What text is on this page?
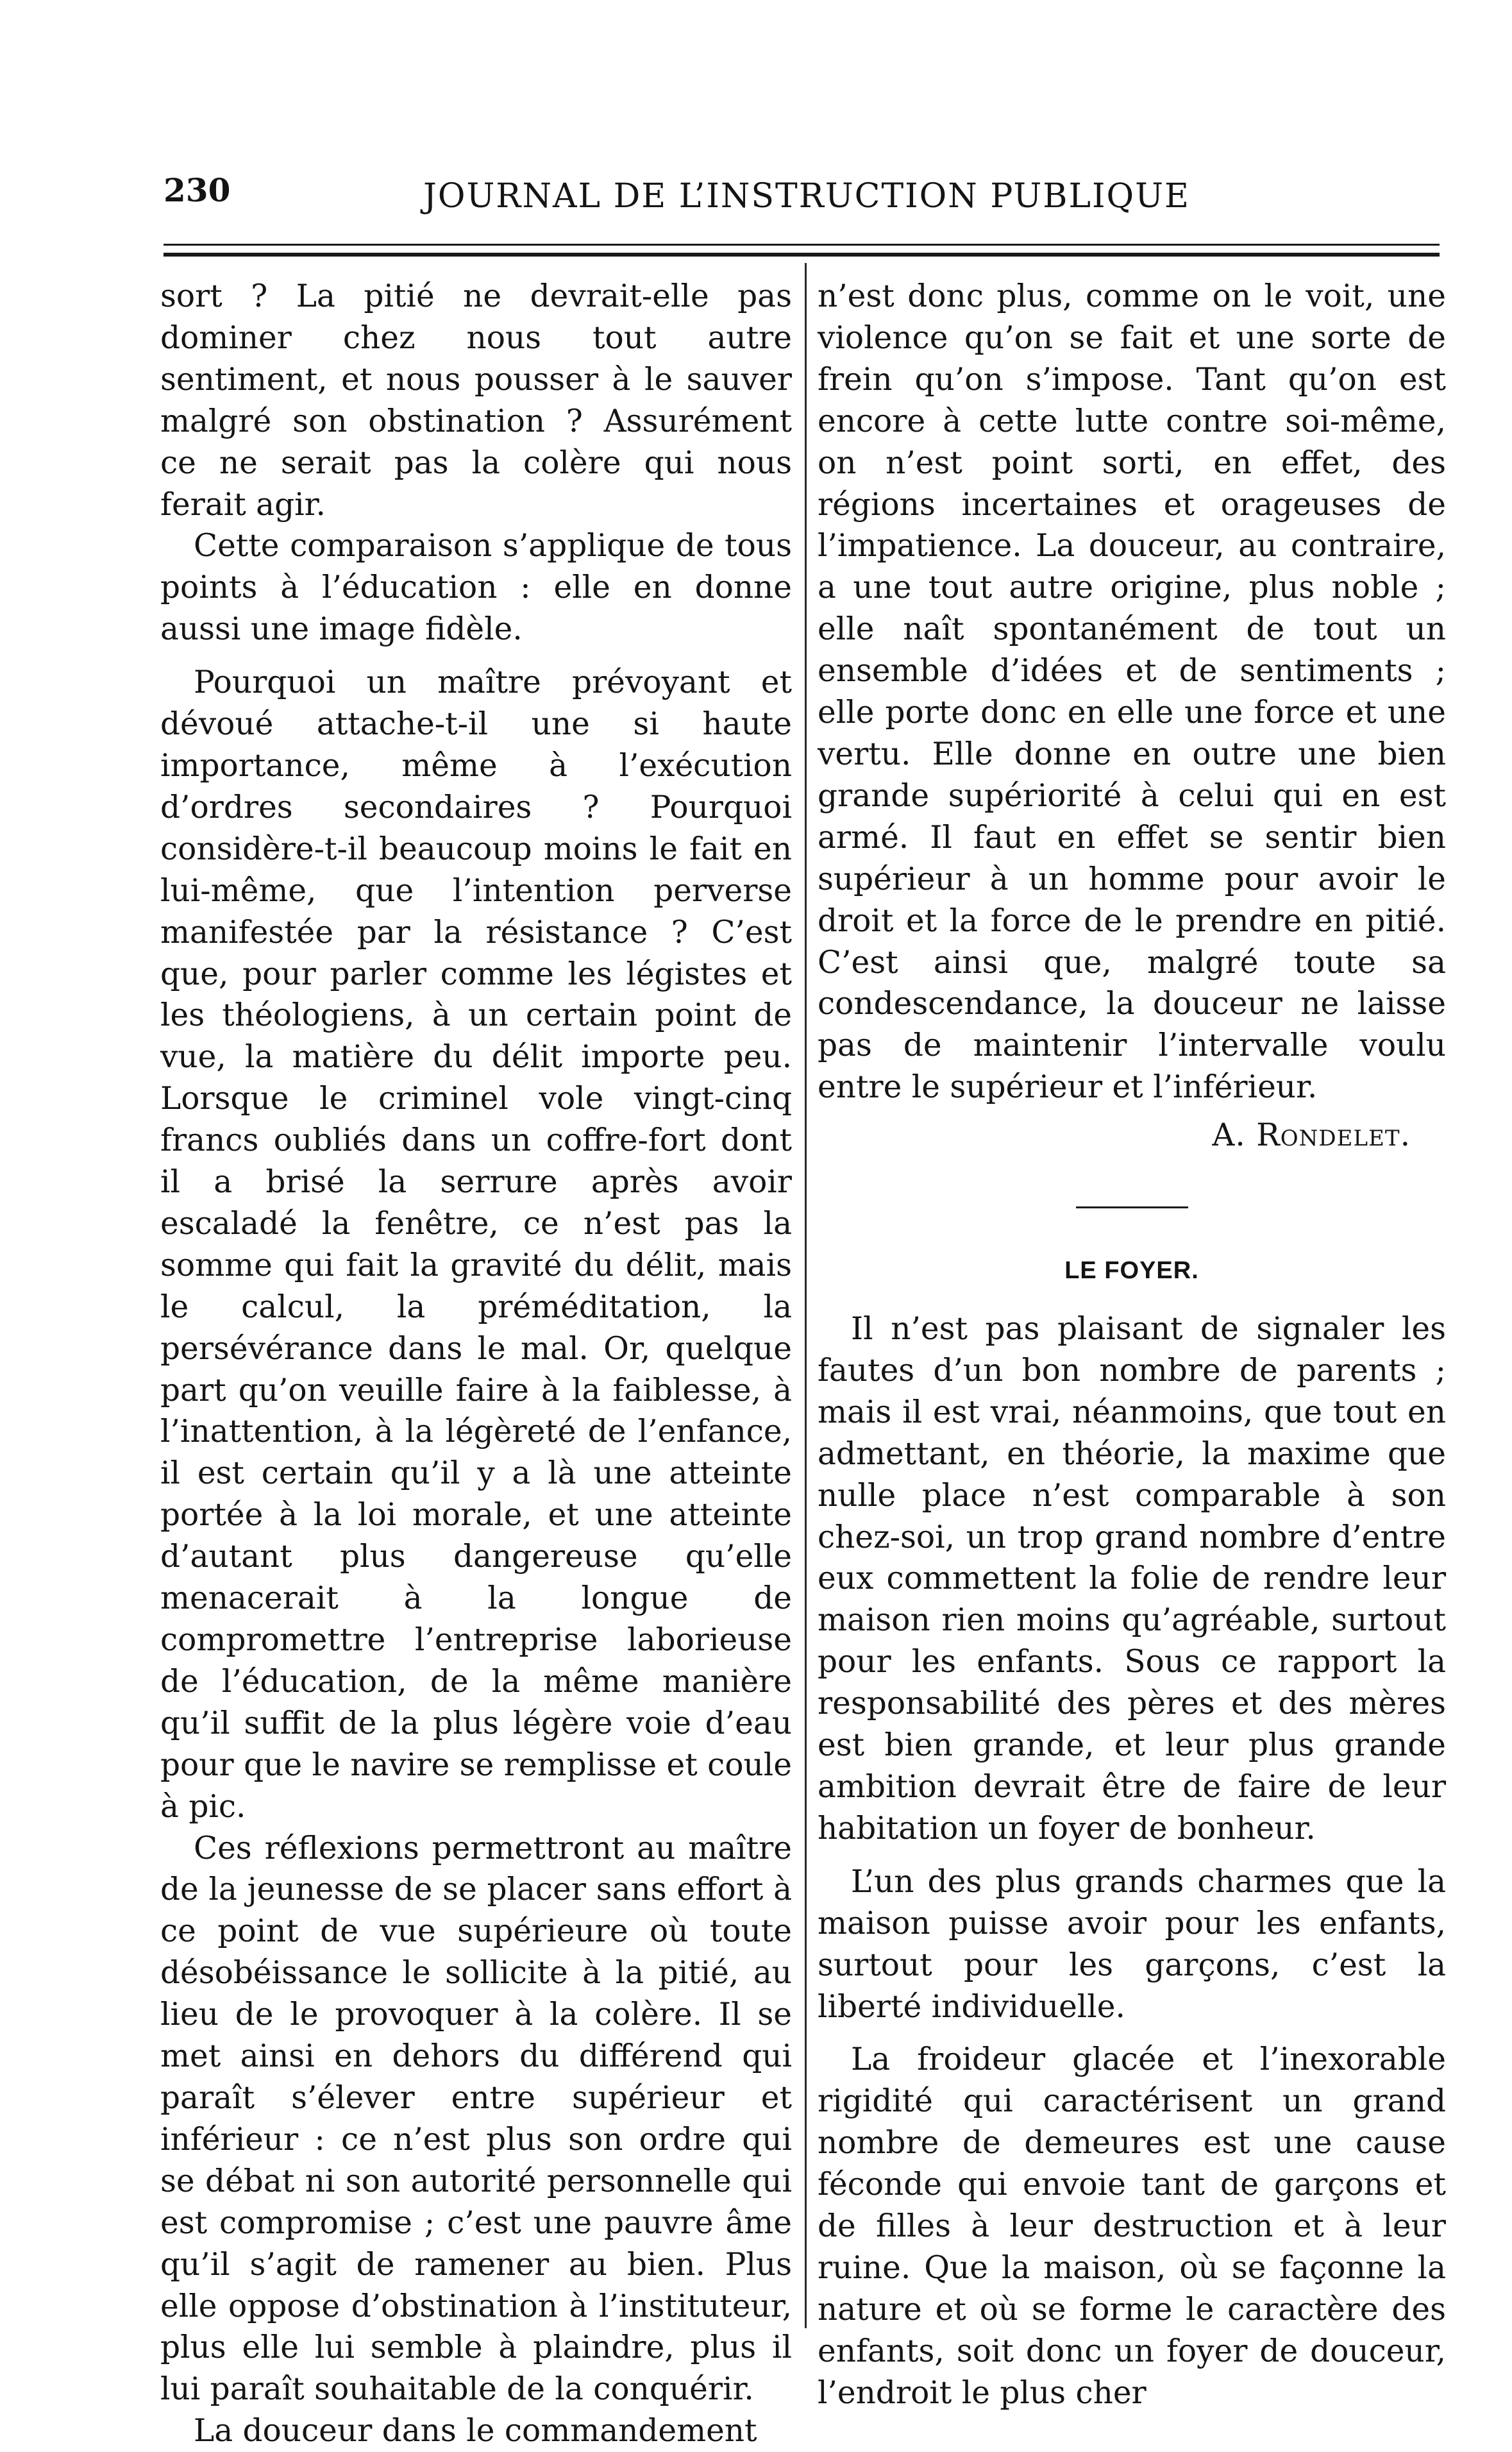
230	JOURNAL DE L’INSTRUCTION PUBLIQUE

sort ? La pitié ne devrait-elle pas dominer chez nous tout autre sentiment, et nous pousser à le sauver malgré son obstination ? Assurément ce ne serait pas la colère qui nous ferait agir.

Cette comparaison s’applique de tous points à l’éducation : elle en donne aussi une image fidèle.

Pourquoi un maître prévoyant et dévoué attache-t-il une si haute importance, même à l’exécution d’ordres secondaires ? Pourquoi considère-t-il beaucoup moins le fait en lui-même, que l’intention perverse manifestée par la résistance ? C’est que, pour parler comme les légistes et les théologiens, à un certain point de vue, la matière du délit importe peu. Lorsque le criminel vole vingt-cinq francs oubliés dans un coffre-fort dont il a brisé la serrure après avoir escaladé la fenêtre, ce n’est pas la somme qui fait la gravité du délit, mais le calcul, la préméditation, la persévérance dans le mal. Or, quelque part qu’on veuille faire à la faiblesse, à l’inattention, à la légèreté de l’enfance, il est certain qu’il y a là une atteinte portée à la loi morale, et une atteinte d’autant plus dangereuse qu’elle menacerait à la longue de compromettre l’entreprise laborieuse de l’éducation, de la même manière qu’il suffit de la plus légère voie d’eau pour que le navire se remplisse et coule à pic.

Ces réflexions permettront au maître de la jeunesse de se placer sans effort à ce point de vue supérieure où toute désobéissance le sollicite à la pitié, au lieu de le provoquer à la colère. Il se met ainsi en dehors du différend qui paraît s’élever entre supérieur et inférieur : ce n’est plus son ordre qui se débat ni son autorité personnelle qui est compromise ; c’est une pauvre âme qu’il s’agit de ramener au bien. Plus elle oppose d’obstination à l’instituteur, plus elle lui semble à plaindre, plus il lui paraît souhaitable de la conquérir.

La douceur dans le commandement

n’est donc plus, comme on le voit, une violence qu’on se fait et une sorte de frein qu’on s’impose. Tant qu’on est encore à cette lutte contre soi-même, on n’est point sorti, en effet, des régions incertaines et orageuses de l’impatience. La douceur, au contraire, a une tout autre origine, plus noble ; elle naît spontanément de tout un ensemble d’idées et de sentiments ; elle porte donc en elle une force et une vertu. Elle donne en outre une bien grande supériorité à celui qui en est armé. Il faut en effet se sentir bien supérieur à un homme pour avoir le droit et la force de le prendre en pitié. C’est ainsi que, malgré toute sa condescendance, la douceur ne laisse pas de maintenir l’intervalle voulu entre le supérieur et l’inférieur.

A. Rondelet.
LE FOYER.

Il n’est pas plaisant de signaler les fautes d’un bon nombre de parents ; mais il est vrai, néanmoins, que tout en admettant, en théorie, la maxime que nulle place n’est comparable à son chez-soi, un trop grand nombre d’entre eux commettent la folie de rendre leur maison rien moins qu’agréable, surtout pour les enfants. Sous ce rapport la responsabilité des pères et des mères est bien grande, et leur plus grande ambition devrait être de faire de leur habitation un foyer de bonheur.

L’un des plus grands charmes que la maison puisse avoir pour les enfants, surtout pour les garçons, c’est la liberté individuelle.

La froideur glacée et l’inexorable rigidité qui caractérisent un grand nombre de demeures est une cause féconde qui envoie tant de garçons et de filles à leur destruction et à leur ruine. Que la maison, où se façonne la nature et où se forme le caractère des enfants, soit donc un foyer de douceur, l’endroit le plus cher
